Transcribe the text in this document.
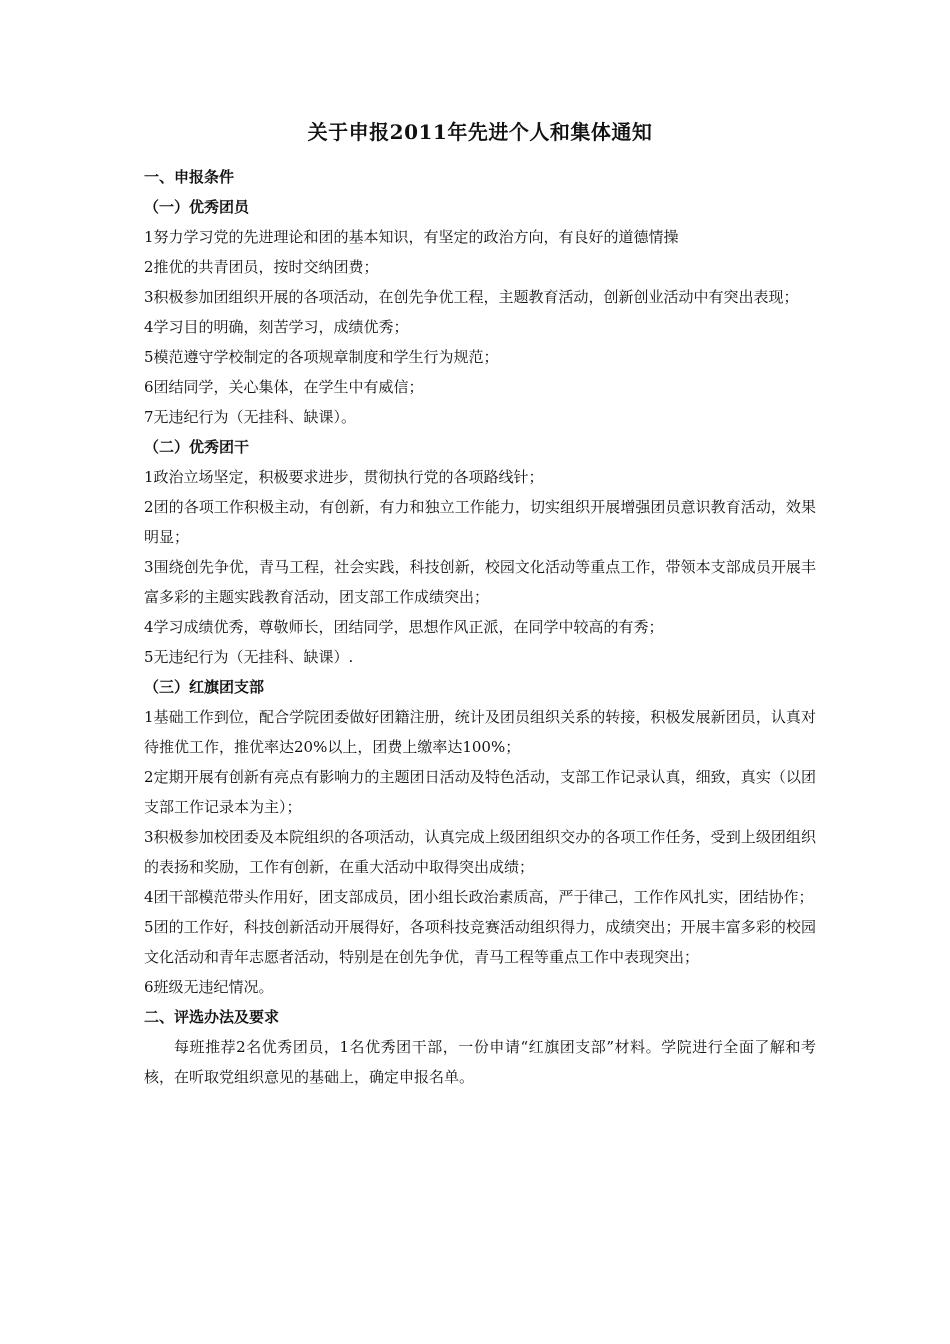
关于申报2011年先进个人和集体通知
一、申报条件
（一）优秀团员

1努力学习党的先进理论和团的基本知识，有坚定的政治方向，有良好的道德情操

2推优的共青团员，按时交纳团费；

3积极参加团组织开展的各项活动，在创先争优工程，主题教育活动，创新创业活动中有突出表现；

4学习目的明确，刻苦学习，成绩优秀；

5模范遵守学校制定的各项规章制度和学生行为规范；

6团结同学，关心集体，在学生中有威信；

7无违纪行为（无挂科、缺课）。

（二）优秀团干

1政治立场坚定，积极要求进步，贯彻执行党的各项路线针；

2团的各项工作积极主动，有创新，有力和独立工作能力，切实组织开展增强团员意识教育活动，效果明显；

3围绕创先争优，青马工程，社会实践，科技创新，校园文化活动等重点工作，带领本支部成员开展丰富多彩的主题实践教育活动，团支部工作成绩突出；

4学习成绩优秀，尊敬师长，团结同学，思想作风正派，在同学中较高的有秀；

5无违纪行为（无挂科、缺课）.

（三）红旗团支部

1基础工作到位，配合学院团委做好团籍注册，统计及团员组织关系的转接，积极发展新团员，认真对待推优工作，推优率达20%以上，团费上缴率达100%；

2定期开展有创新有亮点有影响力的主题团日活动及特色活动，支部工作记录认真，细致，真实（以团支部工作记录本为主）；

3积极参加校团委及本院组织的各项活动，认真完成上级团组织交办的各项工作任务，受到上级团组织的表扬和奖励，工作有创新，在重大活动中取得突出成绩；

4团干部模范带头作用好，团支部成员，团小组长政治素质高，严于律己，工作作风扎实，团结协作；

5团的工作好，科技创新活动开展得好，各项科技竞赛活动组织得力，成绩突出；开展丰富多彩的校园文化活动和青年志愿者活动，特别是在创先争优，青马工程等重点工作中表现突出；

6班级无违纪情况。

二、评选办法及要求

每班推荐2名优秀团员，1名优秀团干部，一份申请“红旗团支部”材料。学院进行全面了解和考核，在听取党组织意见的基础上，确定申报名单。
